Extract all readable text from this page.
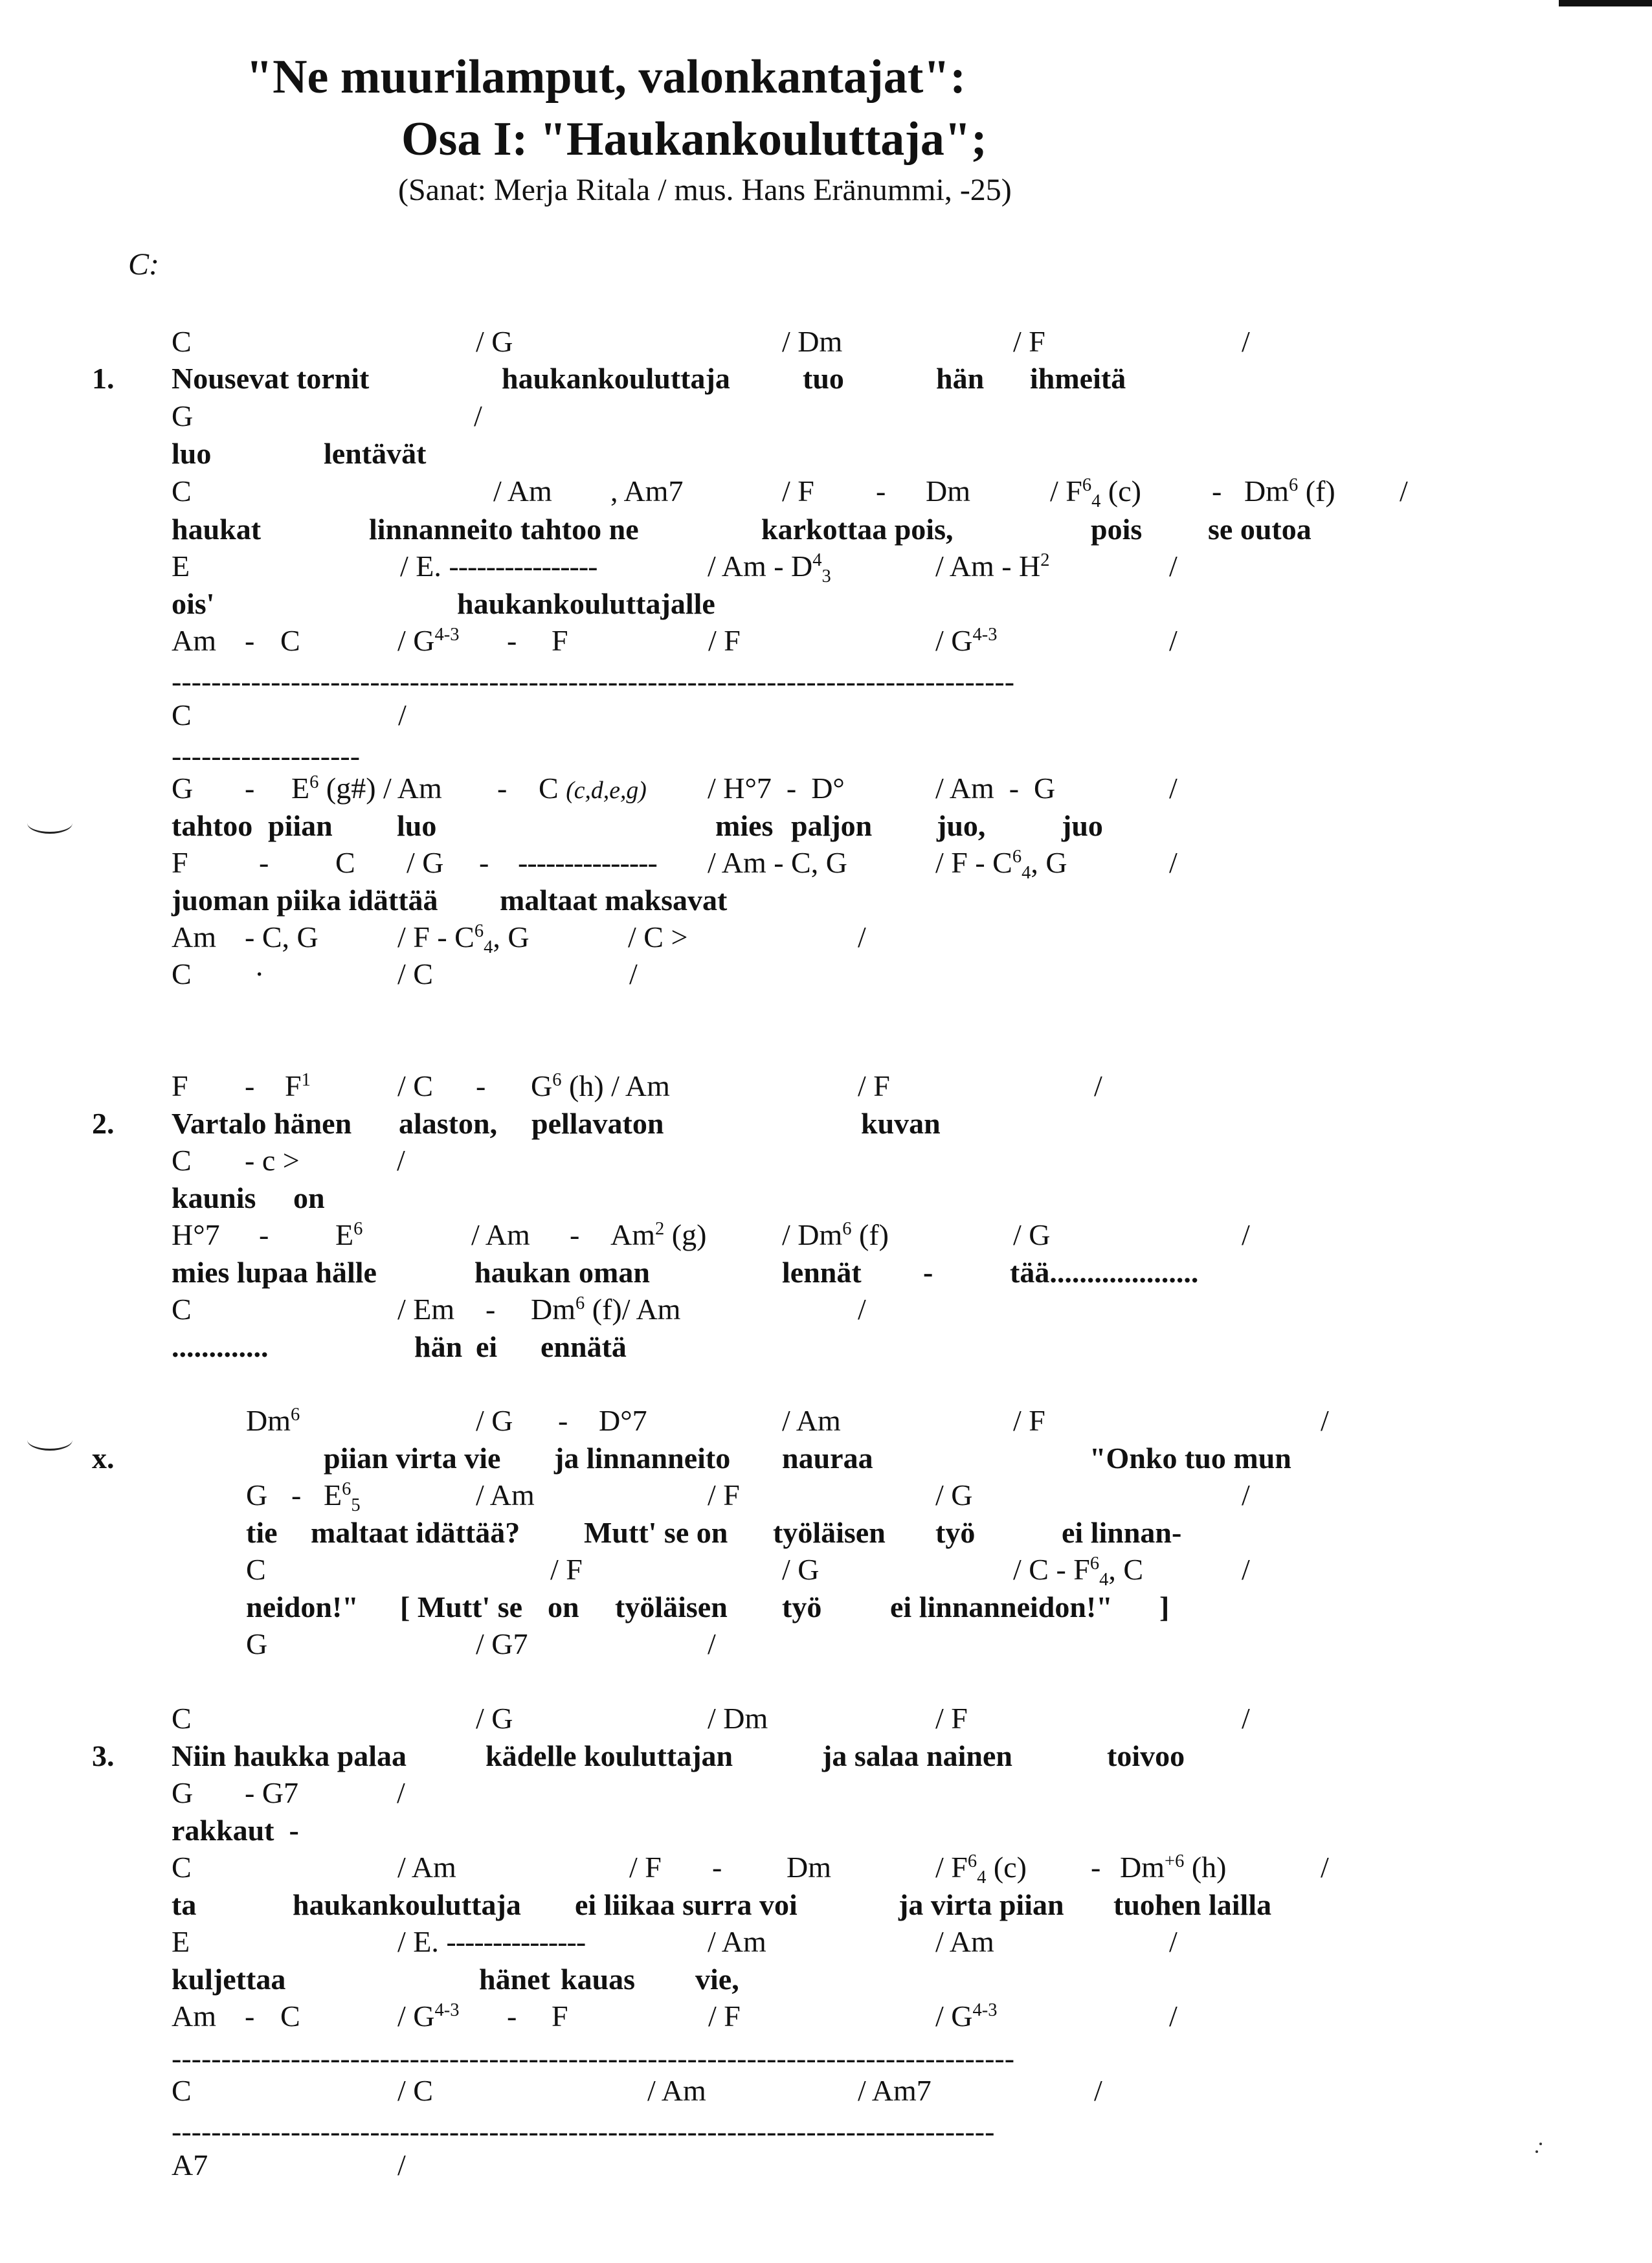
"Ne muurilamput, valonkantajat":
Osa I: "Haukankouluttaja";
(Sanat: Merja Ritala / mus. Hans Eränummi, -25)
C:
1.
2.
x.
3.
C	/ G	/ Dm	/ F	/
Nousevat tornit	haukankouluttaja tuo	hän ihmeitä
G	/
luo	lentävät
C	/ Am , Am7	/ F - Dm	/ $F^6_4$ (c) - Dm$^6$ (f) /
haukat	linnanneito tahtoo ne	karkottaa pois,	pois se outoa
E	/ E. ----------------	/ Am - $D^4_3$	/ Am - $H^2$	/
ois'	haukankouluttajalle
Am - C	/ $G^{4-3}$ - F	/ F	/ $G^{4-3}$	/
-------------------------------------------------------------------------------------
C	/
-------------------
G - $E^6$ (g#) / Am - C (c,d,e,g) / H°7  -  D°	/ Am  -  G	/
tahtoo piian luo	mies paljon juo,	juo
F - C / G - --------------- / Am - C, G	/ F - $C^6_4$, G	/
juoman piika idättää maltaat maksavat
Am - C, G	/ F - $C^6_4$, G	/ C >	/
C ·	/ C	/
F - $F^1$	/ C - $G^6$ (h) / Am	/ F	/
Vartalo hänen alaston, pellavaton	kuvan
C - c >	/
kaunis on
$H^\circ 7 - E^6$	/ Am - Am$^2$ (g)	/ Dm$^6$ (f)	/ G	/
mies lupaa hälle	haukan oman	lennät -	tää....................
C	/ Em - Dm$^6$ (f)/ Am	/
.............	hän ei ennätä
Dm$^6$	/ G - D°7	/ Am	/ F	/
piian virta vie ja linnanneito nauraa	"Onko tuo mun
G - $E^6_5$	/ Am	/ F	/ G	/
tie maltaat idättää? Mutt' se on työläisen työ	ei linnan-
C	/ F	/ G	/ C - $F^6_4$, C	/
neidon!" [ Mutt' se on työläisen työ ei linnanneidon!" ]
G	/ G7	/
C	/ G	/ Dm	/ F	/
Niin haukka palaa	kädelle kouluttajan	ja salaa nainen	toivoo
G - G7	/
rakkaut  -
C	/ Am	/ F - Dm	/ $F^6_4$ $(c) - Dm^{+6}$ (h)	/
ta	haukankouluttaja ei liikaa surra voi	ja virta piian tuohen lailla
E	/ E. ---------------	/ Am	/ Am	/
kuljettaa	hänet kauas vie,
Am - C	/ $G^{4-3}$ - F	/ F	/ $G^{4-3}$	/
-------------------------------------------------------------------------------------
C	/ C	/ Am	/ Am7	/
-----------------------------------------------------------------------------------
A7	/
